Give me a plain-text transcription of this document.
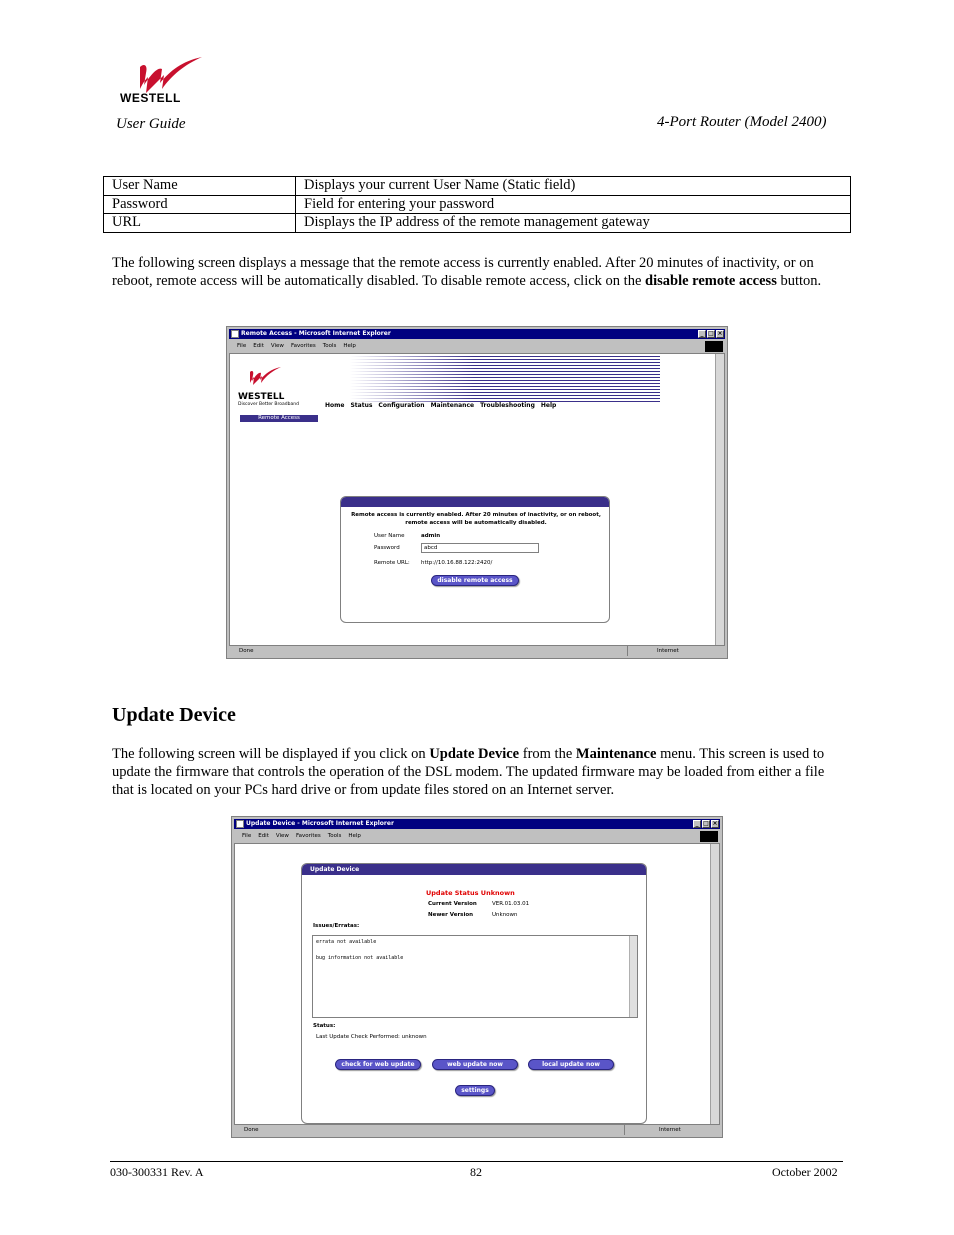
WESTELL
User Guide	4-Port Router (Model 2400)
User Name	Displays your current User Name (Static field)
Password	Field for entering your password
URL	Displays the IP address of the remote management gateway
The following screen displays a message that the remote access is currently enabled. After 20 minutes of inactivity, or on reboot, remote access will be automatically disabled. To disable remote access, click on the disable remote access button.
Remote Access - Microsoft Internet Explorer	_ □ ×
File Edit View Favorites Tools Help
WESTELL
Discover Better Broadband	Home Status Configuration Maintenance Troubleshooting Help
Remote Access
Remote access is currently enabled. After 20 minutes of inactivity, or on reboot, remote access will be automatically disabled.
User Name	admin
Password	abcd
Remote URL: http://10.16.88.122:2420/
disable remote access
Done	Internet
Update Device
The following screen will be displayed if you click on Update Device from the Maintenance menu. This screen is used to update the firmware that controls the operation of the DSL modem. The updated firmware may be loaded from either a file that is located on your PCs hard drive or from update files stored on an Internet server.
Update Device - Microsoft Internet Explorer	_ □ ×
File Edit View Favorites Tools Help
Update Device
Update Status Unknown
Current Version	VER.01.03.01
Newer Version	Unknown
Issues/Erratas:
errata not available
bug information not available
Status:
Last Update Check Performed: unknown
check for web update	web update now	local update now
settings
Done	Internet
030-300331 Rev. A	82	October 2002
